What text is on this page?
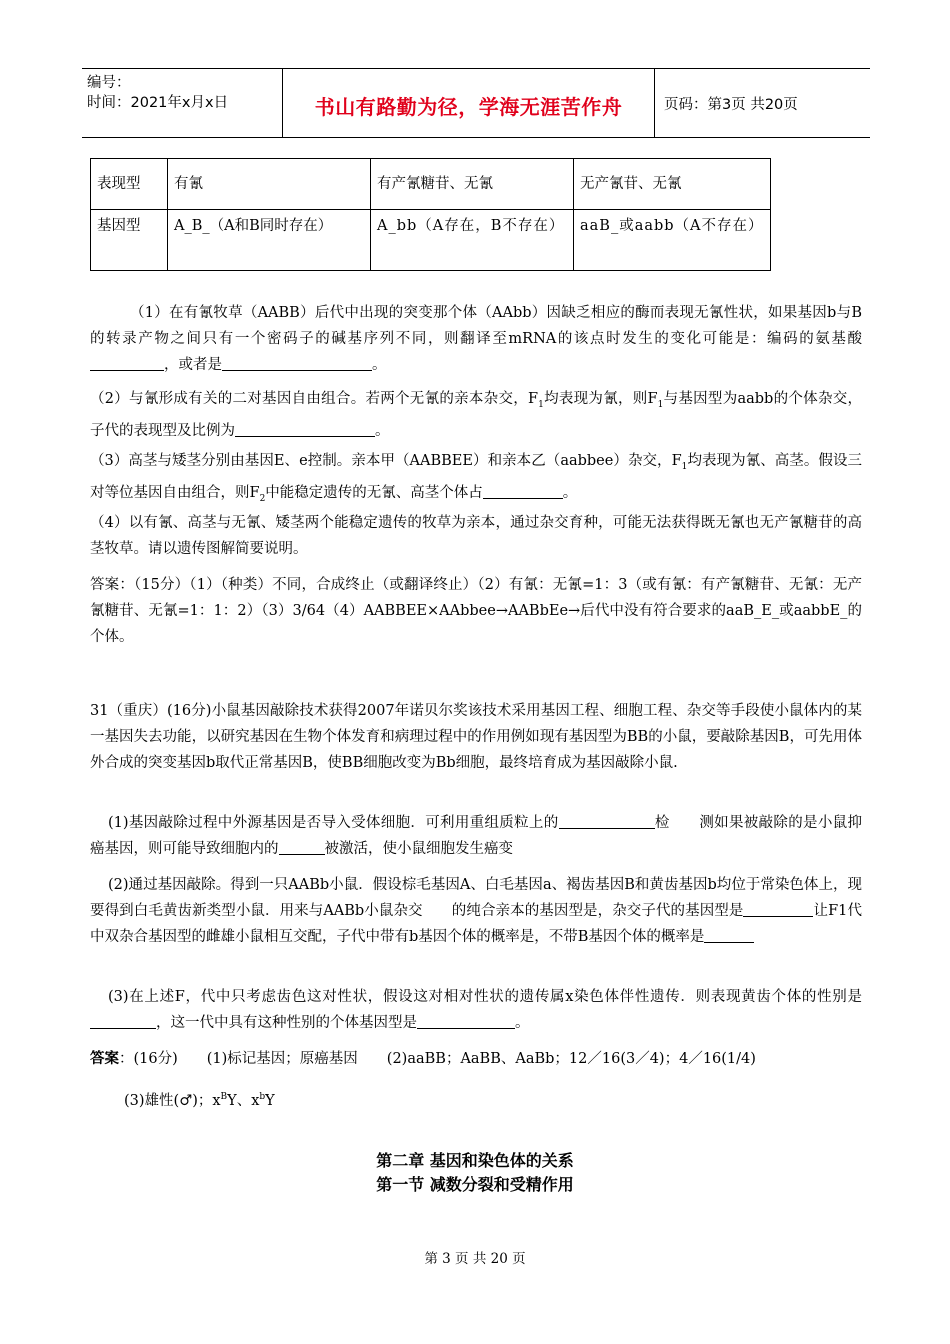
编号：
时间：2021年x月x日	书山有路勤为径，学海无涯苦作舟	页码：第3页 共20页
表现型	有氰	有产氰糖苷、无氰	无产氰苷、无氰
基因型	A_B_（A和B同时存在）	A_bb（A存在，B不存在）	aaB_或aabb（A不存在）
（1）在有氰牧草（AABB）后代中出现的突变那个体（AAbb）因缺乏相应的酶而表现无氰性状，如果基因b与B的转录产物之间只有一个密码子的碱基序列不同，则翻译至mRNA的该点时发生的变化可能是：编码的氨基酸，或者是	。
（2）与氰形成有关的二对基因自由组合。若两个无氰的亲本杂交，$F_1$均表现为氰，则$F_1$与基因型为aabb的个体杂交，子代的表现型及比例为	。
（3）高茎与矮茎分别由基因E、e控制。亲本甲（AABBEE）和亲本乙（aabbee）杂交，$F_1$均表现为氰、高茎。假设三对等位基因自由组合，则$F_2$中能稳定遗传的无氰、高茎个体占	。
（4）以有氰、高茎与无氰、矮茎两个能稳定遗传的牧草为亲本，通过杂交育种，可能无法获得既无氰也无产氰糖苷的高茎牧草。请以遗传图解简要说明。
答案：（15分）（1）（种类）不同，合成终止（或翻译终止）（2）有氰：无氰=1：3（或有氰：有产氰糖苷、无氰：无产氰糖苷、无氰=1：1：2）（3）3/64（4）AABBEE×AAbbee→AABbEe→后代中没有符合要求的aaB_E_或aabbE_的个体。
31（重庆）(16分)小鼠基因敲除技术获得2007年诺贝尔奖该技术采用基因工程、细胞工程、杂交等手段使小鼠体内的某一基因失去功能，以研究基因在生物个体发育和病理过程中的作用例如现有基因型为BB的小鼠，要敲除基因B，可先用体外合成的突变基因b取代正常基因B，使BB细胞改变为Bb细胞，最终培育成为基因敲除小鼠.
(1)基因敲除过程中外源基因是否导入受体细胞．可利用重组质粒上的	检　　测如果被敲除的是小鼠抑癌基因，则可能导致细胞内的	被激活，使小鼠细胞发生癌变
(2)通过基因敲除。得到一只AABb小鼠．假设棕毛基因A、白毛基因a、褐齿基因B和黄齿基因b均位于常染色体上，现要得到白毛黄齿新类型小鼠．用来与AABb小鼠杂交　　的纯合亲本的基因型是，杂交子代的基因型是	让F1代中双杂合基因型的雌雄小鼠相互交配，子代中带有b基因个体的概率是，不带B基因个体的概率是
(3)在上述F，代中只考虑齿色这对性状，假设这对相对性状的遗传属x染色体伴性遗传．则表现黄齿个体的性别是，这一代中具有这种性别的个体基因型是	。
答案：(16分)　　(1)标记基因；原癌基因　　(2)aaBB；AaBB、AaBb；12／16(3／4)；4／16(1/4)
(3)雄性(♂)；$x^BY$、$x^bY$
第二章 基因和染色体的关系
第一节 减数分裂和受精作用
第 3 页 共 20 页
